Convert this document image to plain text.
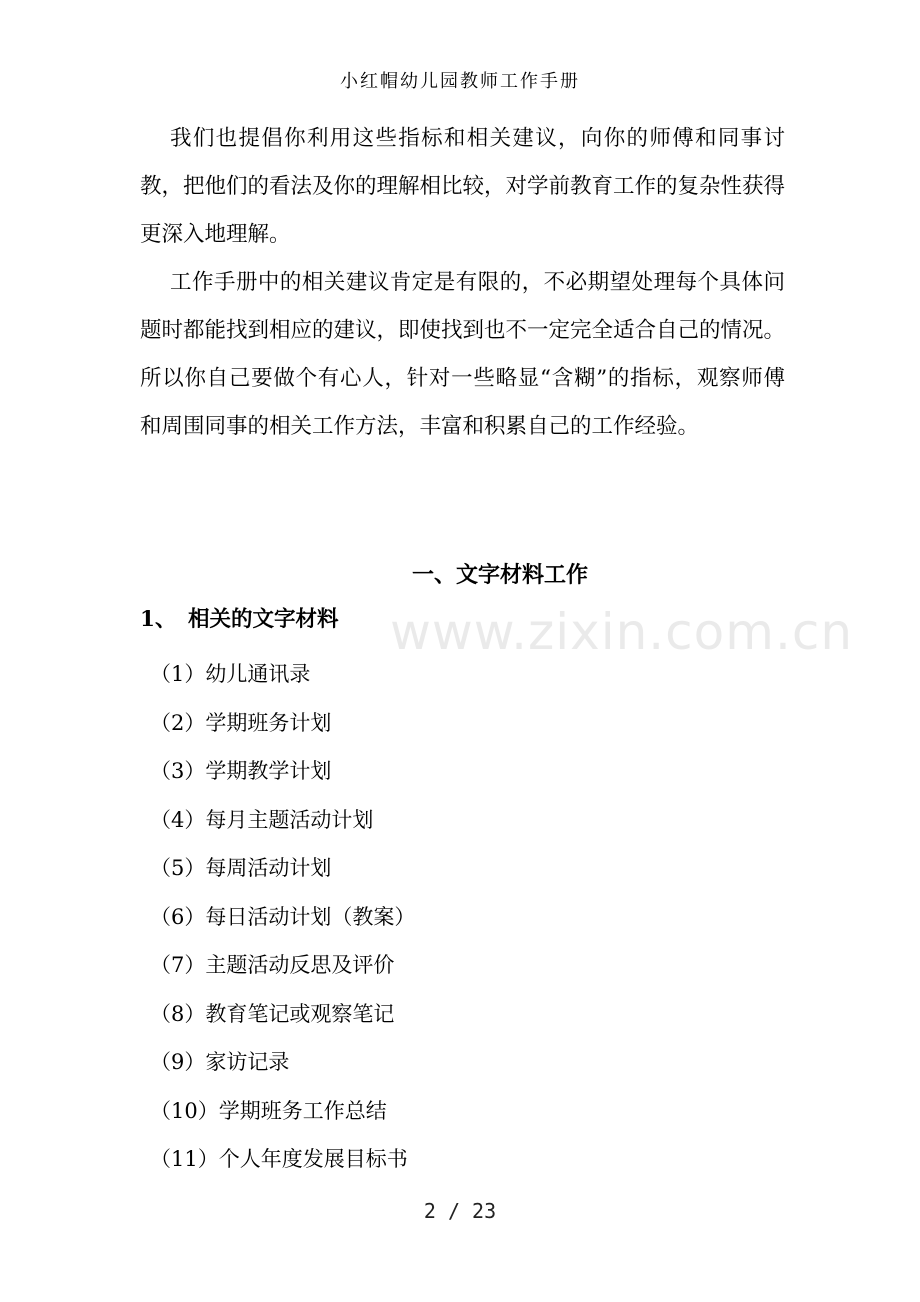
小红帽幼儿园教师工作手册

我们也提倡你利用这些指标和相关建议，向你的师傅和同事讨教，把他们的看法及你的理解相比较，对学前教育工作的复杂性获得更深入地理解。

工作手册中的相关建议肯定是有限的，不必期望处理每个具体问题时都能找到相应的建议，即使找到也不一定完全适合自己的情况。所以你自己要做个有心人，针对一些略显“含糊”的指标，观察师傅和周围同事的相关工作方法，丰富和积累自己的工作经验。

一、文字材料工作
1、 相关的文字材料
（1）幼儿通讯录
（2）学期班务计划
（3）学期教学计划
（4）每月主题活动计划
（5）每周活动计划
（6）每日活动计划（教案）
（7）主题活动反思及评价
（8）教育笔记或观察笔记
（9）家访记录
（10）学期班务工作总结
（11）个人年度发展目标书
www.zixin.com.cn
2 / 23
